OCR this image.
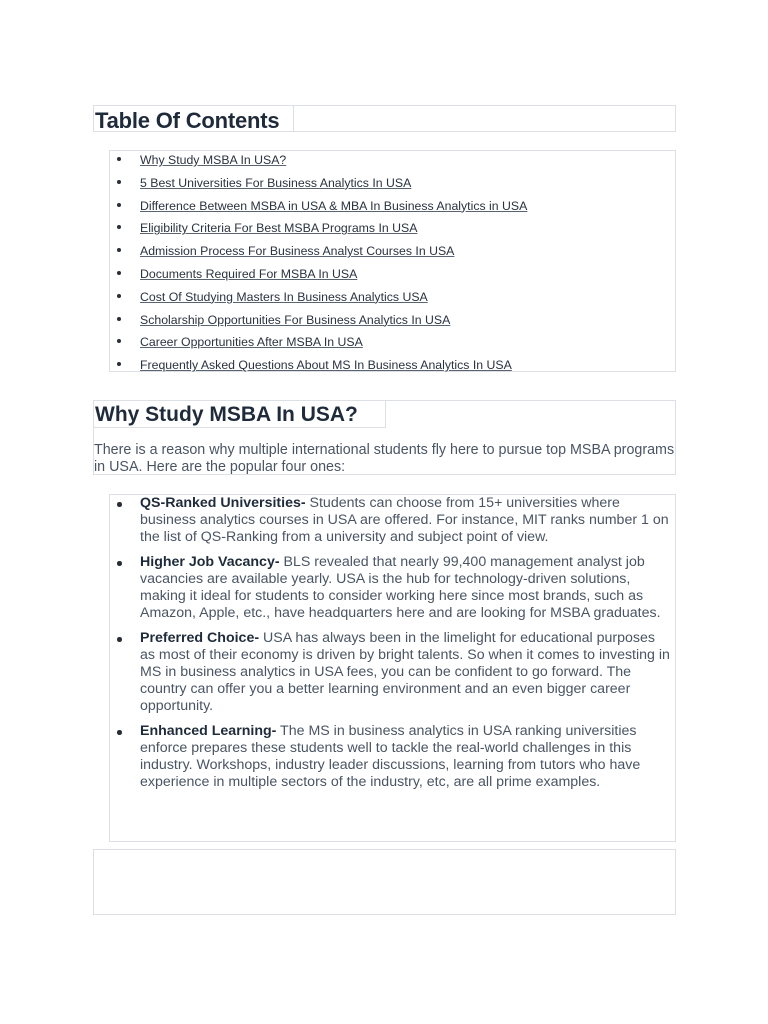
Table Of Contents
Why Study MSBA In USA?
5 Best Universities For Business Analytics In USA
Difference Between MSBA in USA & MBA In Business Analytics in USA
Eligibility Criteria For Best MSBA Programs In USA
Admission Process For Business Analyst Courses In USA
Documents Required For MSBA In USA
Cost Of Studying Masters In Business Analytics USA
Scholarship Opportunities For Business Analytics In USA
Career Opportunities After MSBA In USA
Frequently Asked Questions About MS In Business Analytics In USA
Why Study MSBA In USA?

There is a reason why multiple international students fly here to pursue top MSBA programs in USA. Here are the popular four ones:

QS-Ranked Universities- Students can choose from 15+ universities where business analytics courses in USA are offered. For instance, MIT ranks number 1 on the list of QS-Ranking from a university and subject point of view.
Higher Job Vacancy- BLS revealed that nearly 99,400 management analyst job vacancies are available yearly. USA is the hub for technology-driven solutions, making it ideal for students to consider working here since most brands, such as Amazon, Apple, etc., have headquarters here and are looking for MSBA graduates.
Preferred Choice- USA has always been in the limelight for educational purposes as most of their economy is driven by bright talents. So when it comes to investing in MS in business analytics in USA fees, you can be confident to go forward. The country can offer you a better learning environment and an even bigger career opportunity.
Enhanced Learning- The MS in business analytics in USA ranking universities enforce prepares these students well to tackle the real-world challenges in this industry. Workshops, industry leader discussions, learning from tutors who have experience in multiple sectors of the industry, etc, are all prime examples.
